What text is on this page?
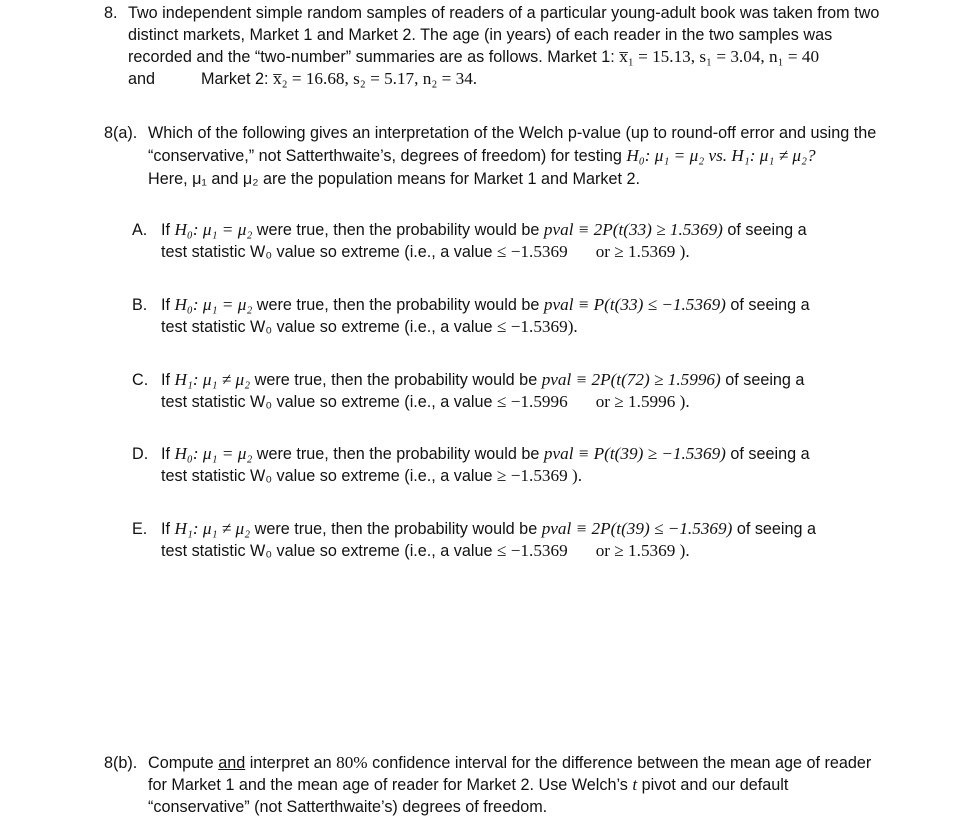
8. Two independent simple random samples of readers of a particular young-adult book was taken from two
distinct markets, Market 1 and Market 2. The age (in years) of each reader in the two samples was
recorded and the “two-number” summaries are as follows. Market 1: x̅₁ = 15.13, s₁ = 3.04, n₁ = 40
and	Market 2: x̅₂ = 16.68, s₂ = 5.17, n₂ = 34.
8(a). Which of the following gives an interpretation of the Welch p-value (up to round-off error and using the
“conservative,” not Satterthwaite’s, degrees of freedom) for testing H₀: μ₁ = μ₂ vs. H₁: μ₁ ≠ μ₂?
Here, μ₁ and μ₂ are the population means for Market 1 and Market 2.
A. If H₀: μ₁ = μ₂ were true, then the probability would be pval ≡ 2P(t(33) ≥ 1.5369) of seeing a
test statistic W₀ value so extreme (i.e., a value ≤ −1.5369 or ≥ 1.5369 ).
B. If H₀: μ₁ = μ₂ were true, then the probability would be pval ≡ P(t(33) ≤ −1.5369) of seeing a
test statistic W₀ value so extreme (i.e., a value ≤ −1.5369).
C. If H₁: μ₁ ≠ μ₂ were true, then the probability would be pval ≡ 2P(t(72) ≥ 1.5996) of seeing a
test statistic W₀ value so extreme (i.e., a value ≤ −1.5996 or ≥ 1.5996 ).
D. If H₀: μ₁ = μ₂ were true, then the probability would be pval ≡ P(t(39) ≥ −1.5369) of seeing a
test statistic W₀ value so extreme (i.e., a value ≥ −1.5369 ).
E. If H₁: μ₁ ≠ μ₂ were true, then the probability would be pval ≡ 2P(t(39) ≤ −1.5369) of seeing a
test statistic W₀ value so extreme (i.e., a value ≤ −1.5369 or ≥ 1.5369 ).
8(b). Compute and interpret an 80% confidence interval for the difference between the mean age of reader
for Market 1 and the mean age of reader for Market 2. Use Welch’s t pivot and our default
“conservative” (not Satterthwaite’s) degrees of freedom.
